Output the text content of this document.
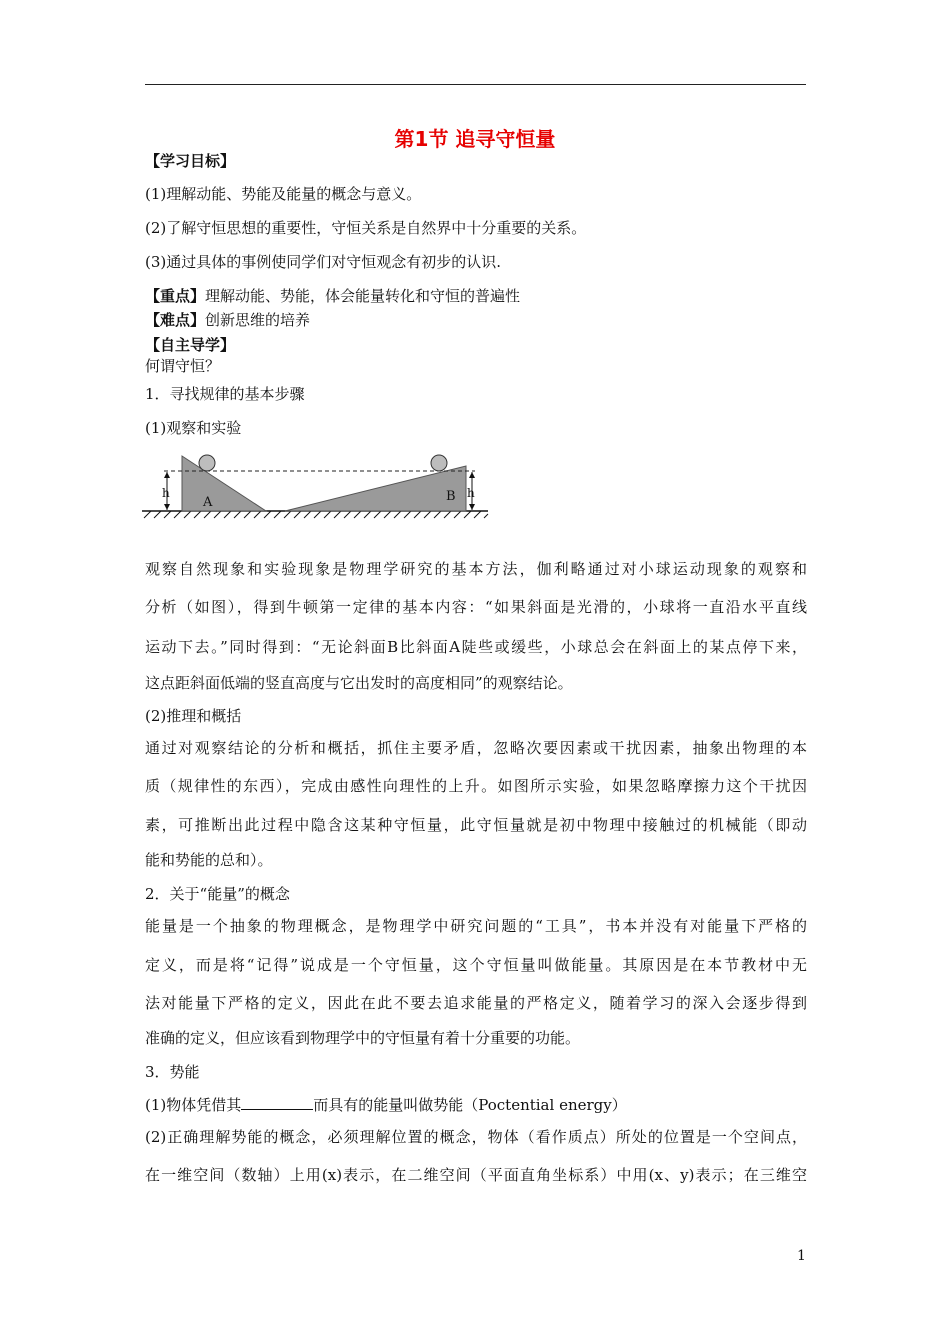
第1节 追寻守恒量
【学习目标】
(1)理解动能、势能及能量的概念与意义。
(2)了解守恒思想的重要性，守恒关系是自然界中十分重要的关系。
(3)通过具体的事例使同学们对守恒观念有初步的认识.
【重点】理解动能、势能，体会能量转化和守恒的普遍性
【难点】创新思维的培养
【自主导学】
何谓守恒？
1．寻找规律的基本步骤
(1)观察和实验
h
A	B h
观察自然现象和实验现象是物理学研究的基本方法，伽利略通过对小球运动现象的观察和
分析（如图），得到牛顿第一定律的基本内容：“如果斜面是光滑的，小球将一直沿水平直线
运动下去。”同时得到：“无论斜面B比斜面A陡些或缓些，小球总会在斜面上的某点停下来，
这点距斜面低端的竖直高度与它出发时的高度相同”的观察结论。
(2)推理和概括
通过对观察结论的分析和概括，抓住主要矛盾，忽略次要因素或干扰因素，抽象出物理的本
质（规律性的东西），完成由感性向理性的上升。如图所示实验，如果忽略摩擦力这个干扰因
素，可推断出此过程中隐含这某种守恒量，此守恒量就是初中物理中接触过的机械能（即动
能和势能的总和）。
2．关于“能量”的概念
能量是一个抽象的物理概念，是物理学中研究问题的“工具”，书本并没有对能量下严格的
定义，而是将“记得”说成是一个守恒量，这个守恒量叫做能量。其原因是在本节教材中无
法对能量下严格的定义，因此在此不要去追求能量的严格定义，随着学习的深入会逐步得到
准确的定义，但应该看到物理学中的守恒量有着十分重要的功能。
3．势能
(1)物体凭借其	而具有的能量叫做势能（Poctential energy）
(2)正确理解势能的概念，必须理解位置的概念，物体（看作质点）所处的位置是一个空间点，
在一维空间（数轴）上用(x)表示，在二维空间（平面直角坐标系）中用(x、y)表示；在三维空
1
